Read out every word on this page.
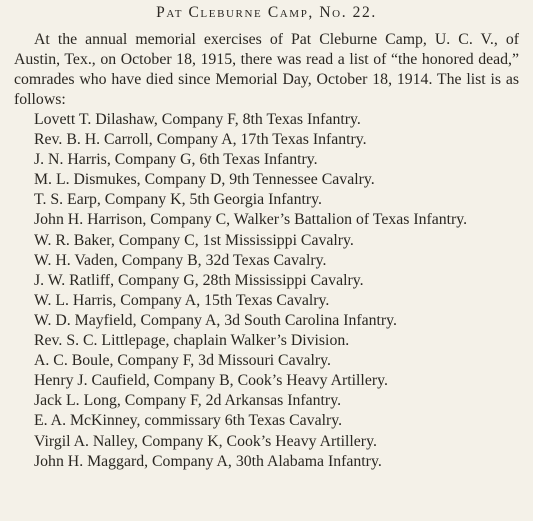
Pat Cleburne Camp, No. 22.

At the annual memorial exercises of Pat Cleburne Camp, U. C. V., of Austin, Tex., on October 18, 1915, there was read a list of “the honored dead,” comrades who have died since Memorial Day, October 18, 1914. The list is as follows:

Lovett T. Dilashaw, Company F, 8th Texas Infantry.
Rev. B. H. Carroll, Company A, 17th Texas Infantry.
J. N. Harris, Company G, 6th Texas Infantry.
M. L. Dismukes, Company D, 9th Tennessee Cavalry.
T. S. Earp, Company K, 5th Georgia Infantry.
John H. Harrison, Company C, Walker’s Battalion of Texas Infantry.
W. R. Baker, Company C, 1st Mississippi Cavalry.
W. H. Vaden, Company B, 32d Texas Cavalry.
J. W. Ratliff, Company G, 28th Mississippi Cavalry.
W. L. Harris, Company A, 15th Texas Cavalry.
W. D. Mayfield, Company A, 3d South Carolina Infantry.
Rev. S. C. Littlepage, chaplain Walker’s Division.
A. C. Boule, Company F, 3d Missouri Cavalry.
Henry J. Caufield, Company B, Cook’s Heavy Artillery.
Jack L. Long, Company F, 2d Arkansas Infantry.
E. A. McKinney, commissary 6th Texas Cavalry.
Virgil A. Nalley, Company K, Cook’s Heavy Artillery.
John H. Maggard, Company A, 30th Alabama Infantry.
